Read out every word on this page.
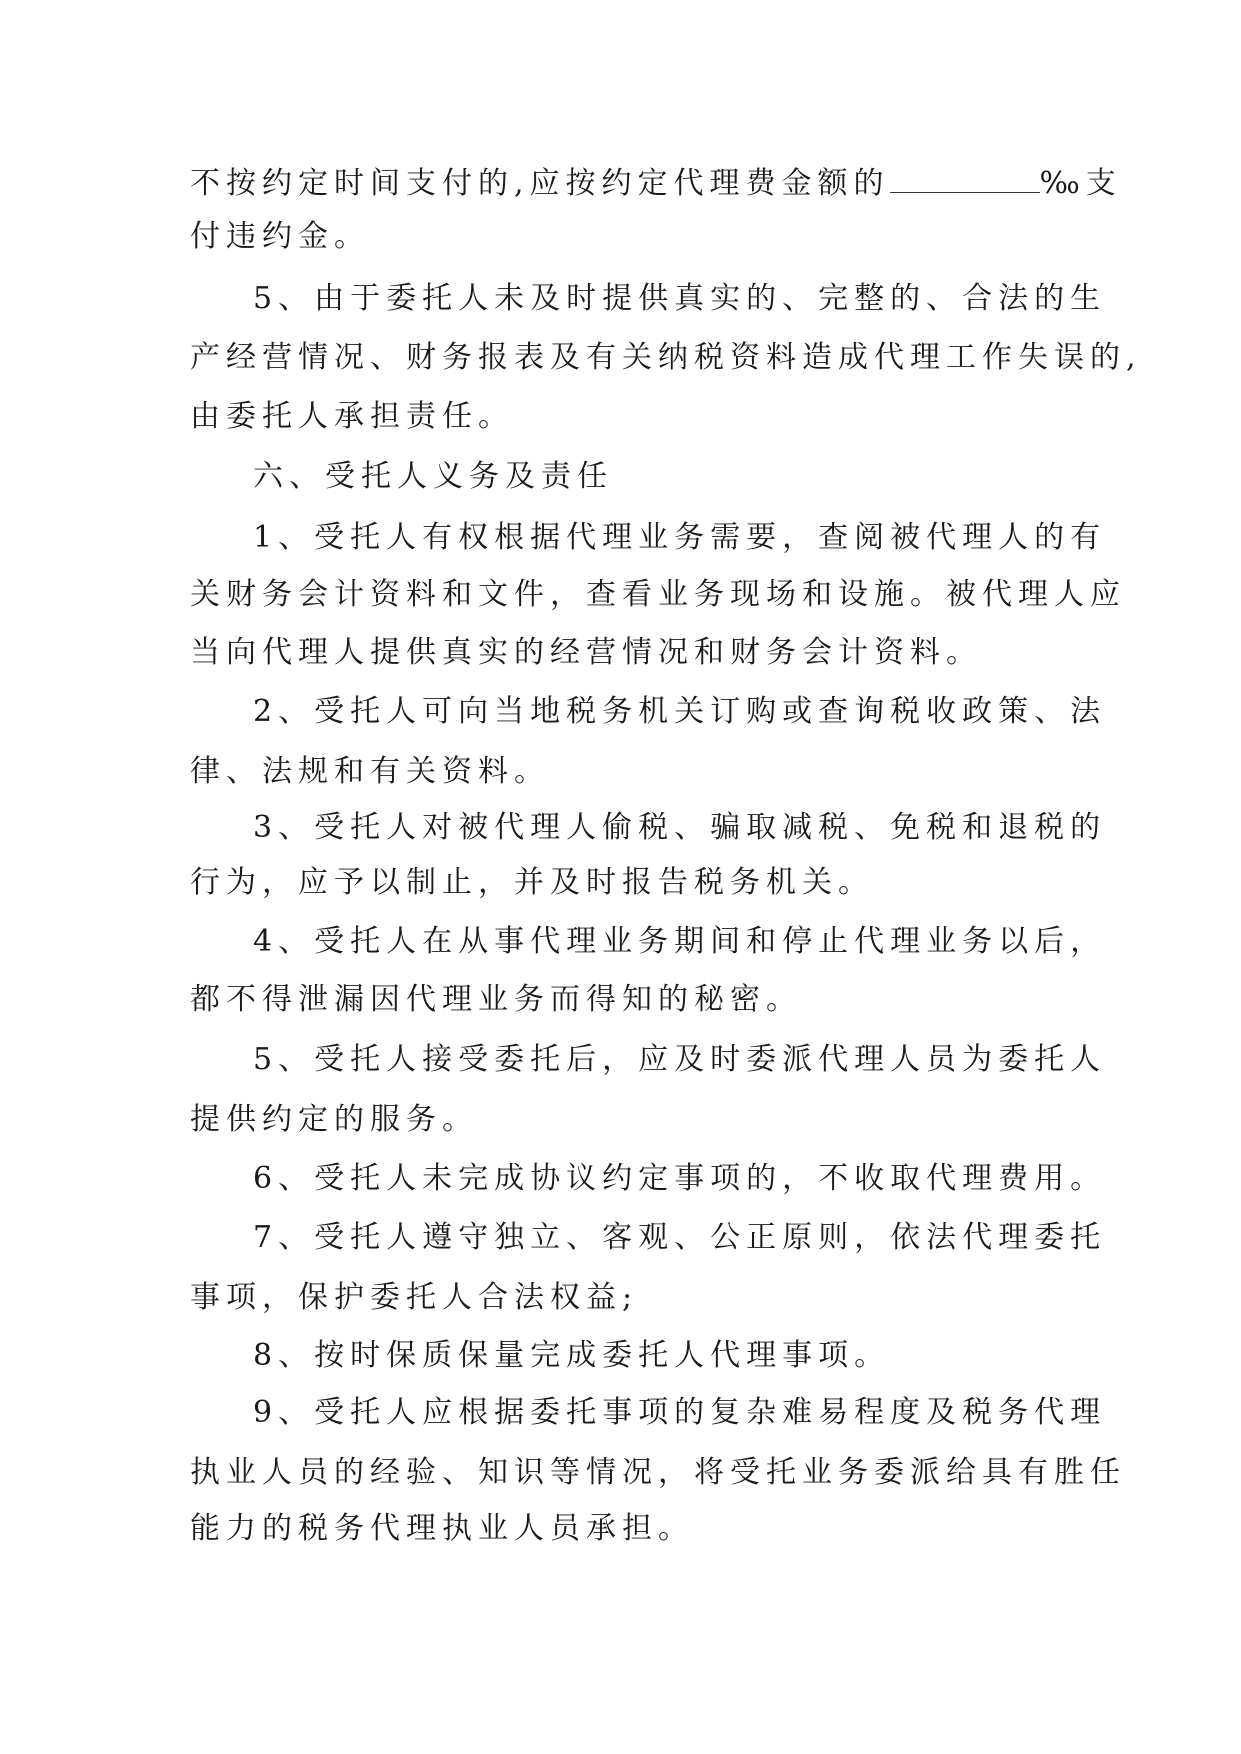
不按约定时间支付的,应按约定代理费金额的	‰支
付违约金。
5、由于委托人未及时提供真实的、完整的、合法的生
产经营情况、财务报表及有关纳税资料造成代理工作失误的,
由委托人承担责任。
六、受托人义务及责任
1、受托人有权根据代理业务需要，查阅被代理人的有
关财务会计资料和文件，查看业务现场和设施。被代理人应
当向代理人提供真实的经营情况和财务会计资料。
2、受托人可向当地税务机关订购或查询税收政策、法
律、法规和有关资料。
3、受托人对被代理人偷税、骗取减税、免税和退税的
行为，应予以制止，并及时报告税务机关。
4、受托人在从事代理业务期间和停止代理业务以后，
都不得泄漏因代理业务而得知的秘密。
5、受托人接受委托后，应及时委派代理人员为委托人
提供约定的服务。
6、受托人未完成协议约定事项的，不收取代理费用。
7、受托人遵守独立、客观、公正原则，依法代理委托
事项，保护委托人合法权益;
8、按时保质保量完成委托人代理事项。
9、受托人应根据委托事项的复杂难易程度及税务代理
执业人员的经验、知识等情况，将受托业务委派给具有胜任
能力的税务代理执业人员承担。
